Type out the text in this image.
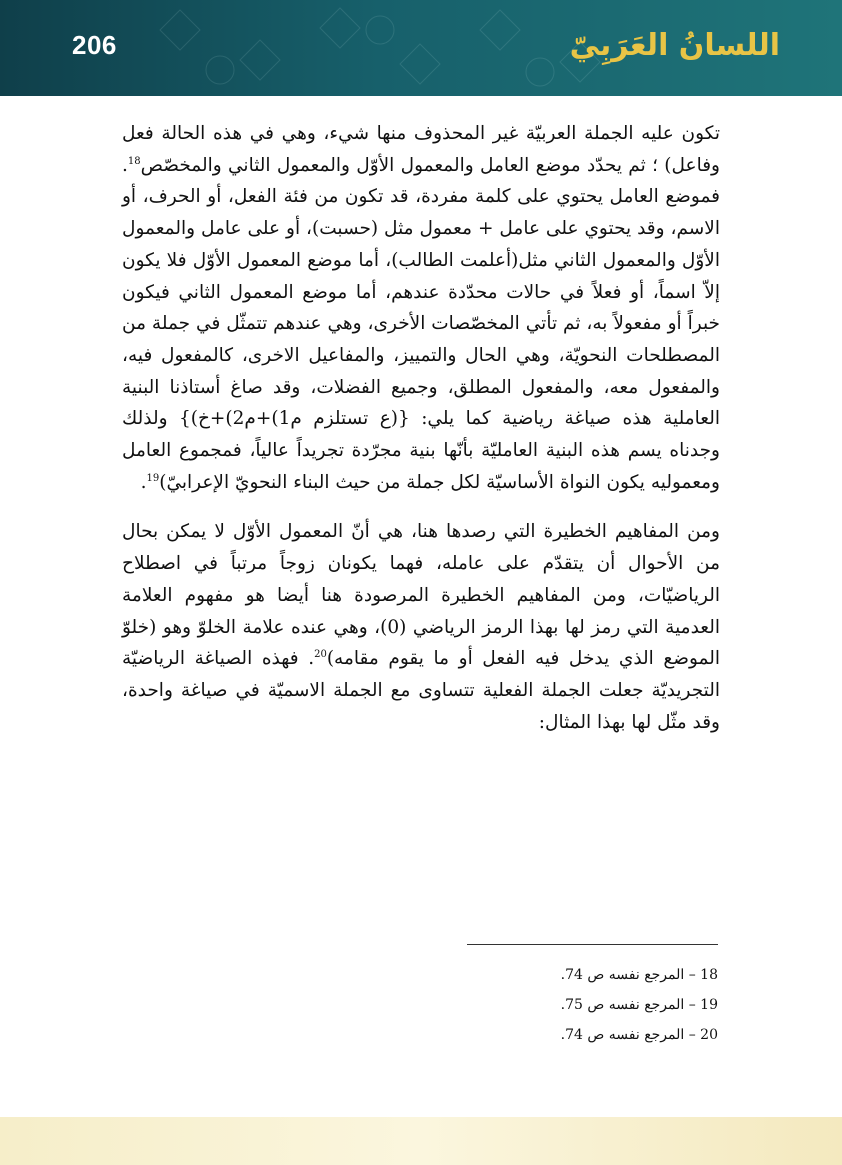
206	اللسانُ العَرَبِيّ

تكون عليه الجملة العربيّة غير المحذوف منها شيء، وهي في هذه الحالة فعل وفاعل) ؛ ثم يحدّد موضع العامل والمعمول الأوّل والمعمول الثاني والمخصّص$^{18}$. فموضع العامل يحتوي على كلمة مفردة، قد تكون من فئة الفعل، أو الحرف، أو الاسم، وقد يحتوي على عامل + معمول مثل (حسبت)، أو على عامل والمعمول الأوّل والمعمول الثاني مثل(أعلمت الطالب)، أما موضع المعمول الأوّل فلا يكون إلاّ اسماً، أو فعلاً في حالات محدّدة عندهم، أما موضع المعمول الثاني فيكون خبراً أو مفعولاً به، ثم تأتي المخصّصات الأخرى، وهي عندهم تتمثّل في جملة من المصطلحات النحويّة، وهي الحال والتمييز، والمفاعيل الاخرى، كالمفعول فيه، والمفعول معه، والمفعول المطلق، وجميع الفضلات، وقد صاغ أستاذنا البنية العاملية هذه صياغة رياضية كما يلي: {(ع تستلزم م1)+م2)+خ)} ولذلك وجدناه يسم هذه البنية العامليّة بأنّها بنية مجرّدة تجريداً عالياً، فمجموع العامل ومعموليه يكون النواة الأساسيّة لكل جملة من حيث البناء النحويّ الإعرابيّ)$^{19}$.

ومن المفاهيم الخطيرة التي رصدها هنا، هي أنّ المعمول الأوّل لا يمكن بحال من الأحوال أن يتقدّم على عامله، فهما يكونان زوجاً مرتباً في اصطلاح الرياضيّات، ومن المفاهيم الخطيرة المرصودة هنا أيضا هو مفهوم العلامة العدمية التي رمز لها بهذا الرمز الرياضي (0)، وهي عنده علامة الخلوّ وهو (خلوّ الموضع الذي يدخل فيه الفعل أو ما يقوم مقامه)$^{20}$. فهذه الصياغة الرياضيّة التجريديّة جعلت الجملة الفعلية تتساوى مع الجملة الاسميّة في صياغة واحدة، وقد مثّل لها بهذا المثال:

18 – المرجع نفسه ص 74.
19 – المرجع نفسه ص 75.
20 – المرجع نفسه ص 74.
